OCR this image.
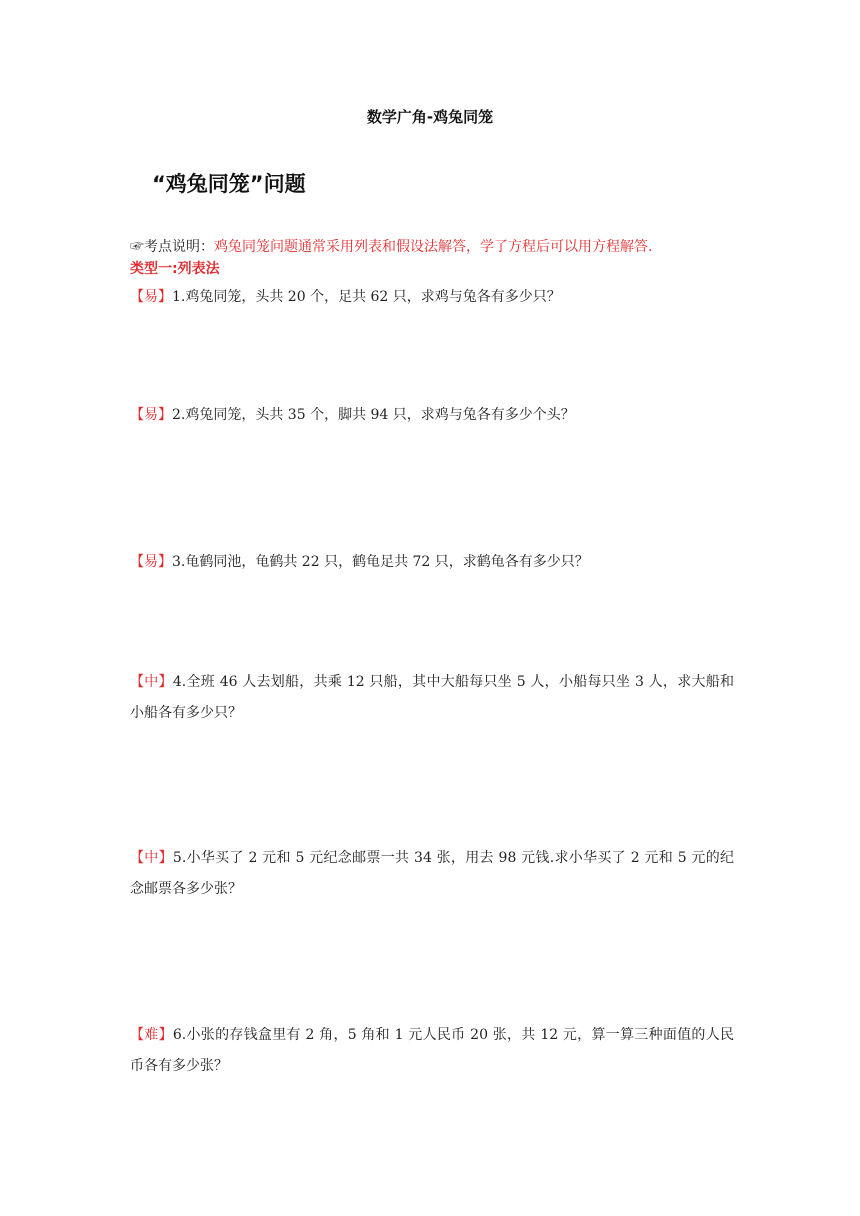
数学广角-鸡兔同笼
“鸡兔同笼”问题
☞考点说明：鸡兔同笼问题通常采用列表和假设法解答，学了方程后可以用方程解答.
类型一:列表法
【易】1.鸡兔同笼，头共 20 个，足共 62 只，求鸡与兔各有多少只？
【易】2.鸡兔同笼，头共 35 个，脚共 94 只，求鸡与兔各有多少个头？
【易】3.龟鹤同池，龟鹤共 22 只，鹤龟足共 72 只，求鹤龟各有多少只？
【中】4.全班 46 人去划船，共乘 12 只船，其中大船每只坐 5 人，小船每只坐 3 人，求大船和小船各有多少只？
【中】5.小华买了 2 元和 5 元纪念邮票一共 34 张，用去 98 元钱.求小华买了 2 元和 5 元的纪念邮票各多少张？
【难】6.小张的存钱盒里有 2 角，5 角和 1 元人民币 20 张，共 12 元，算一算三种面值的人民币各有多少张？
